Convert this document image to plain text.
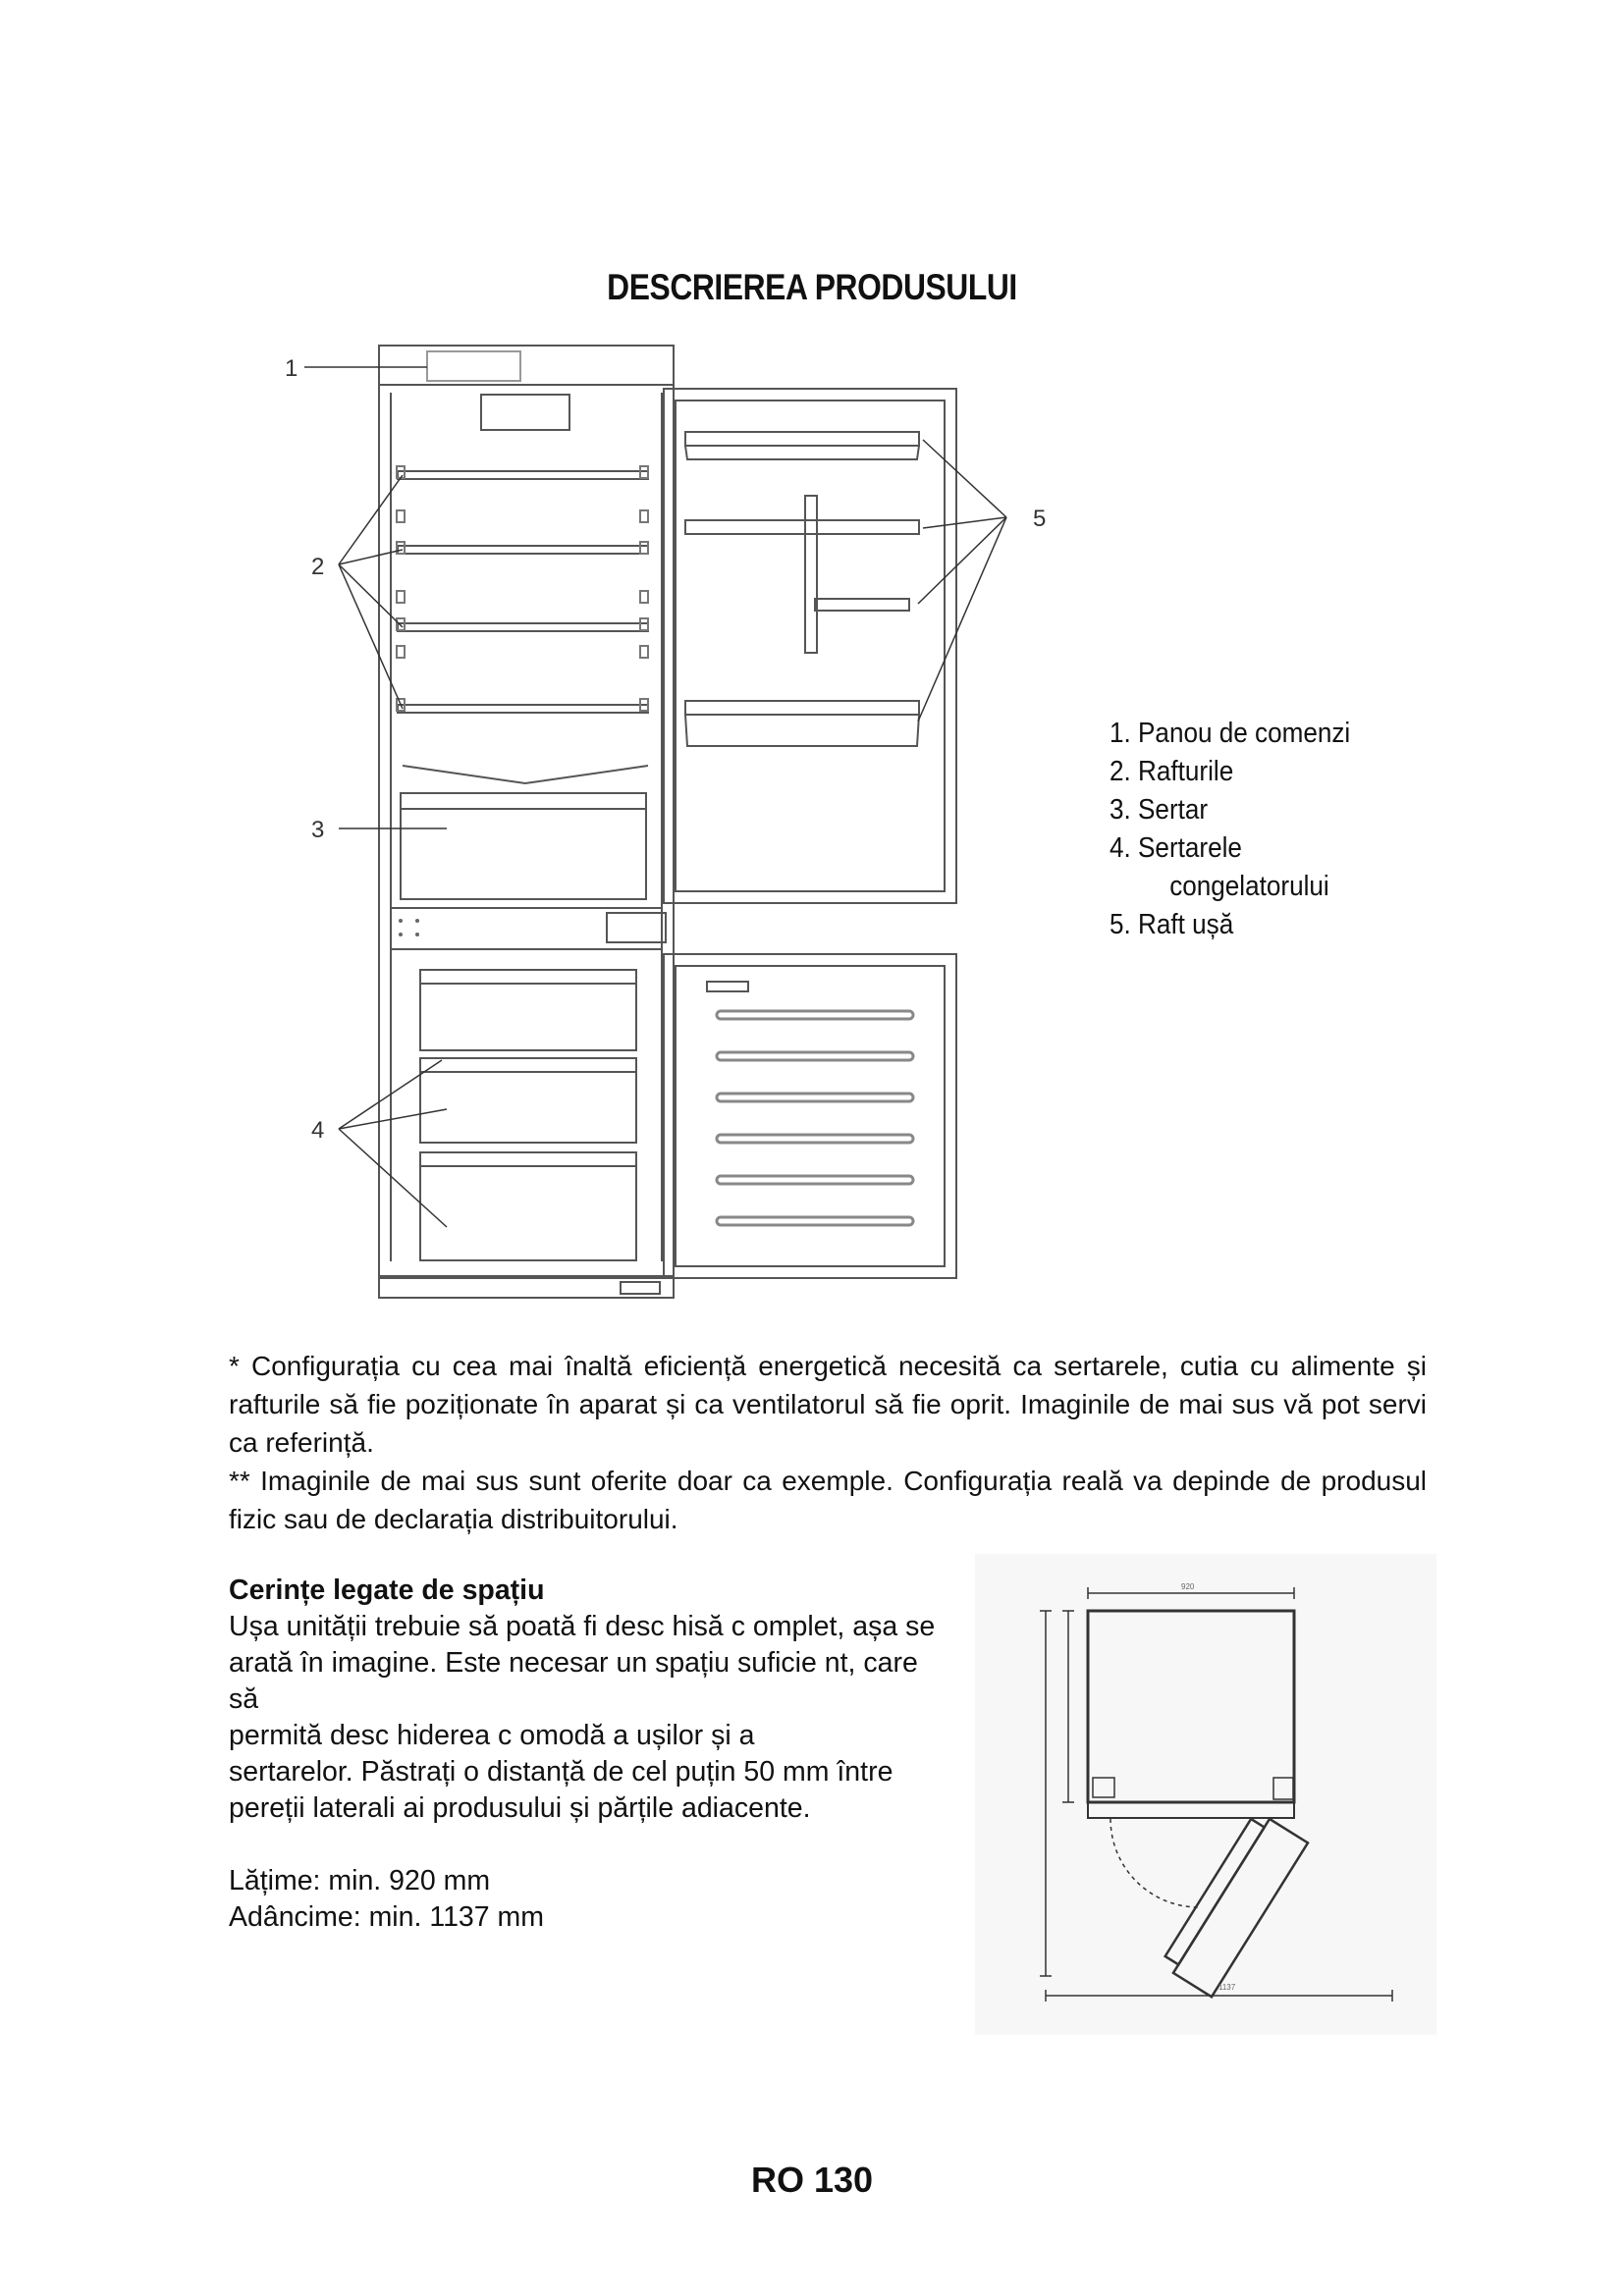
DESCRIEREA PRODUSULUI
1
2
3
4
5
1. Panou de comenzi
2. Rafturile
3. Sertar
4. Sertarele
congelatorului
5. Raft ușă

* Configurația cu cea mai înaltă eficiență energetică necesită ca sertarele, cutia cu alimente și rafturile să fie poziționate în aparat și ca ventilatorul să fie oprit. Imaginile de mai sus vă pot servi ca referință.

** Imaginile de mai sus sunt oferite doar ca exemple. Configurația reală va depinde de produsul fizic sau de declarația distribuitorului.

Cerințe legate de spațiu

Ușa unității trebuie să poată fi desc hisă c omplet, așa se

arată în imagine. Este necesar un spațiu suficie nt, care să

permită desc hiderea c omodă a ușilor și a

sertarelor. Păstrați o distanță de cel puțin 50 mm între

pereții laterali ai produsului și părțile adiacente.

Lățime: min. 920 mm

Adâncime: min. 1137 mm

920
1137
RO 130
